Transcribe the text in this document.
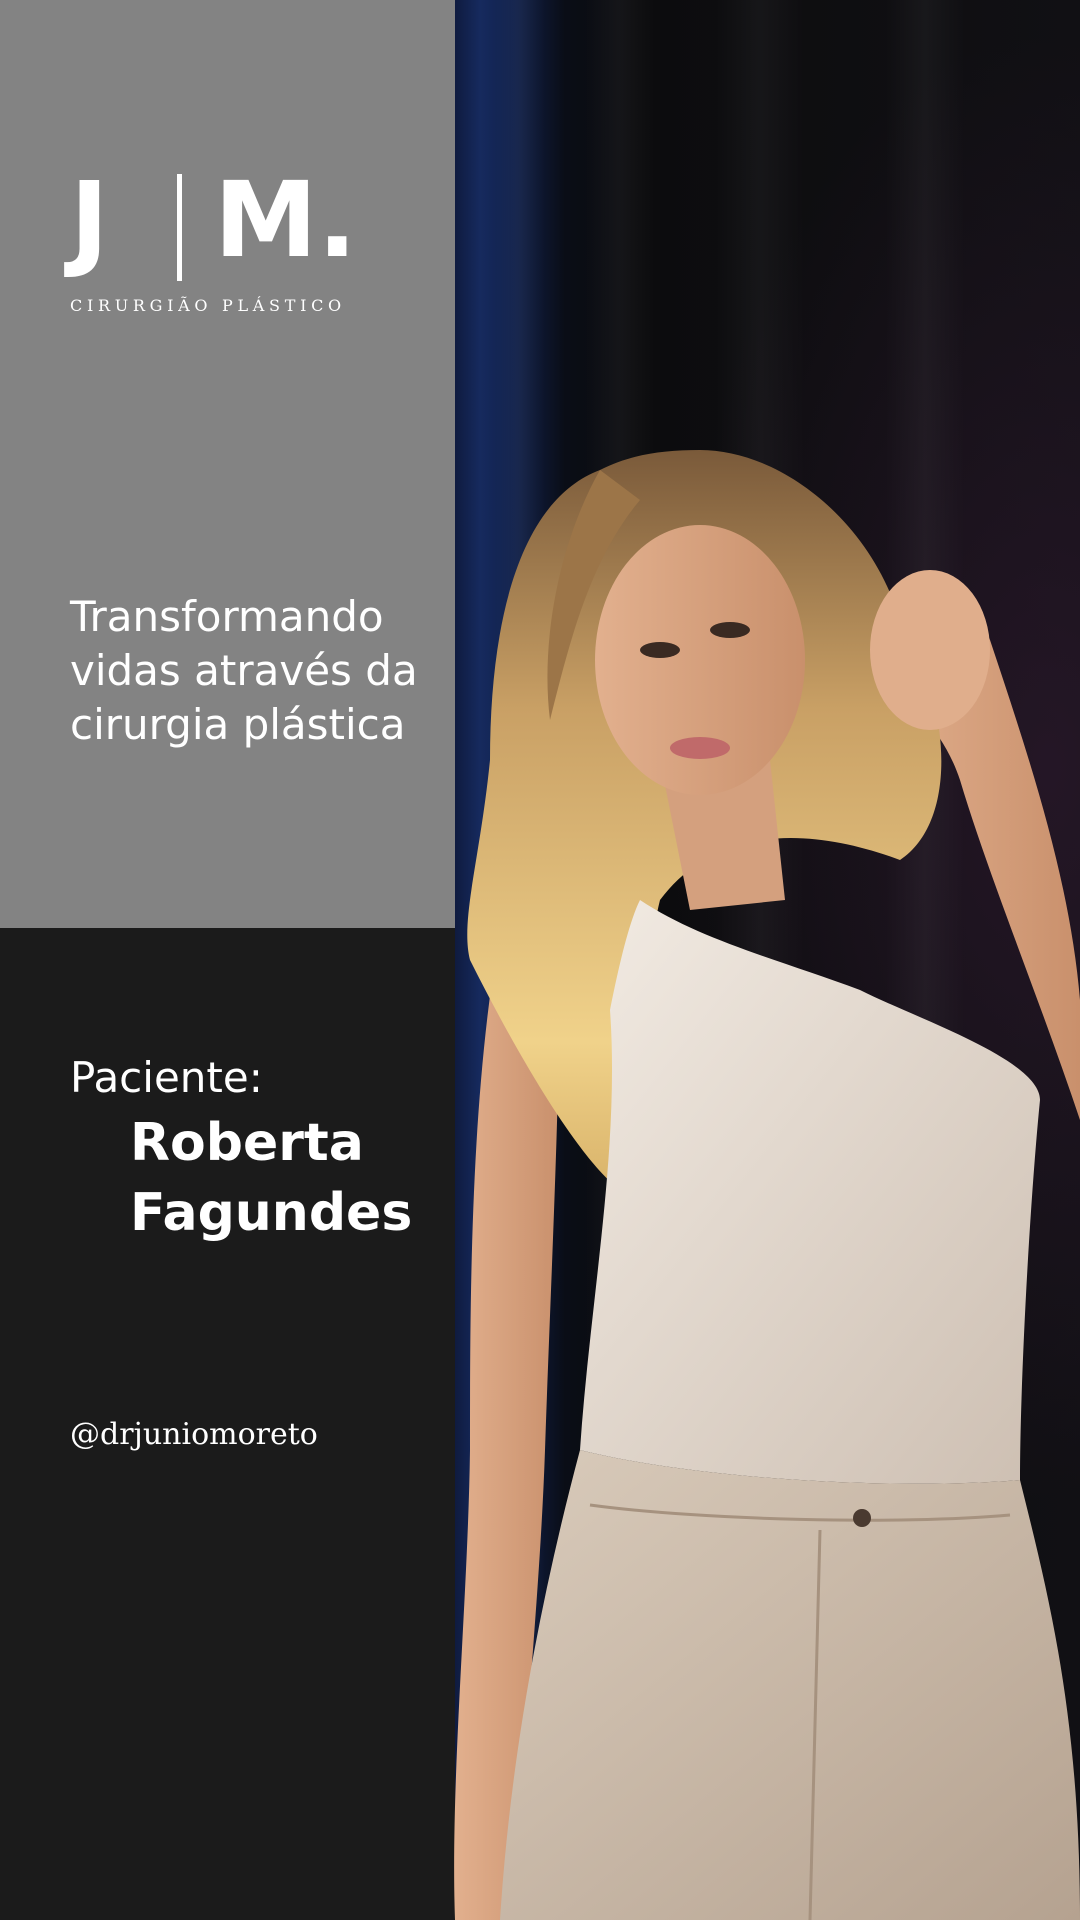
J M.
CIRURGIÃO PLÁSTICO
Transformando
vidas através da
cirurgia plástica
Paciente:
Roberta
Fagundes
@drjuniomoreto
